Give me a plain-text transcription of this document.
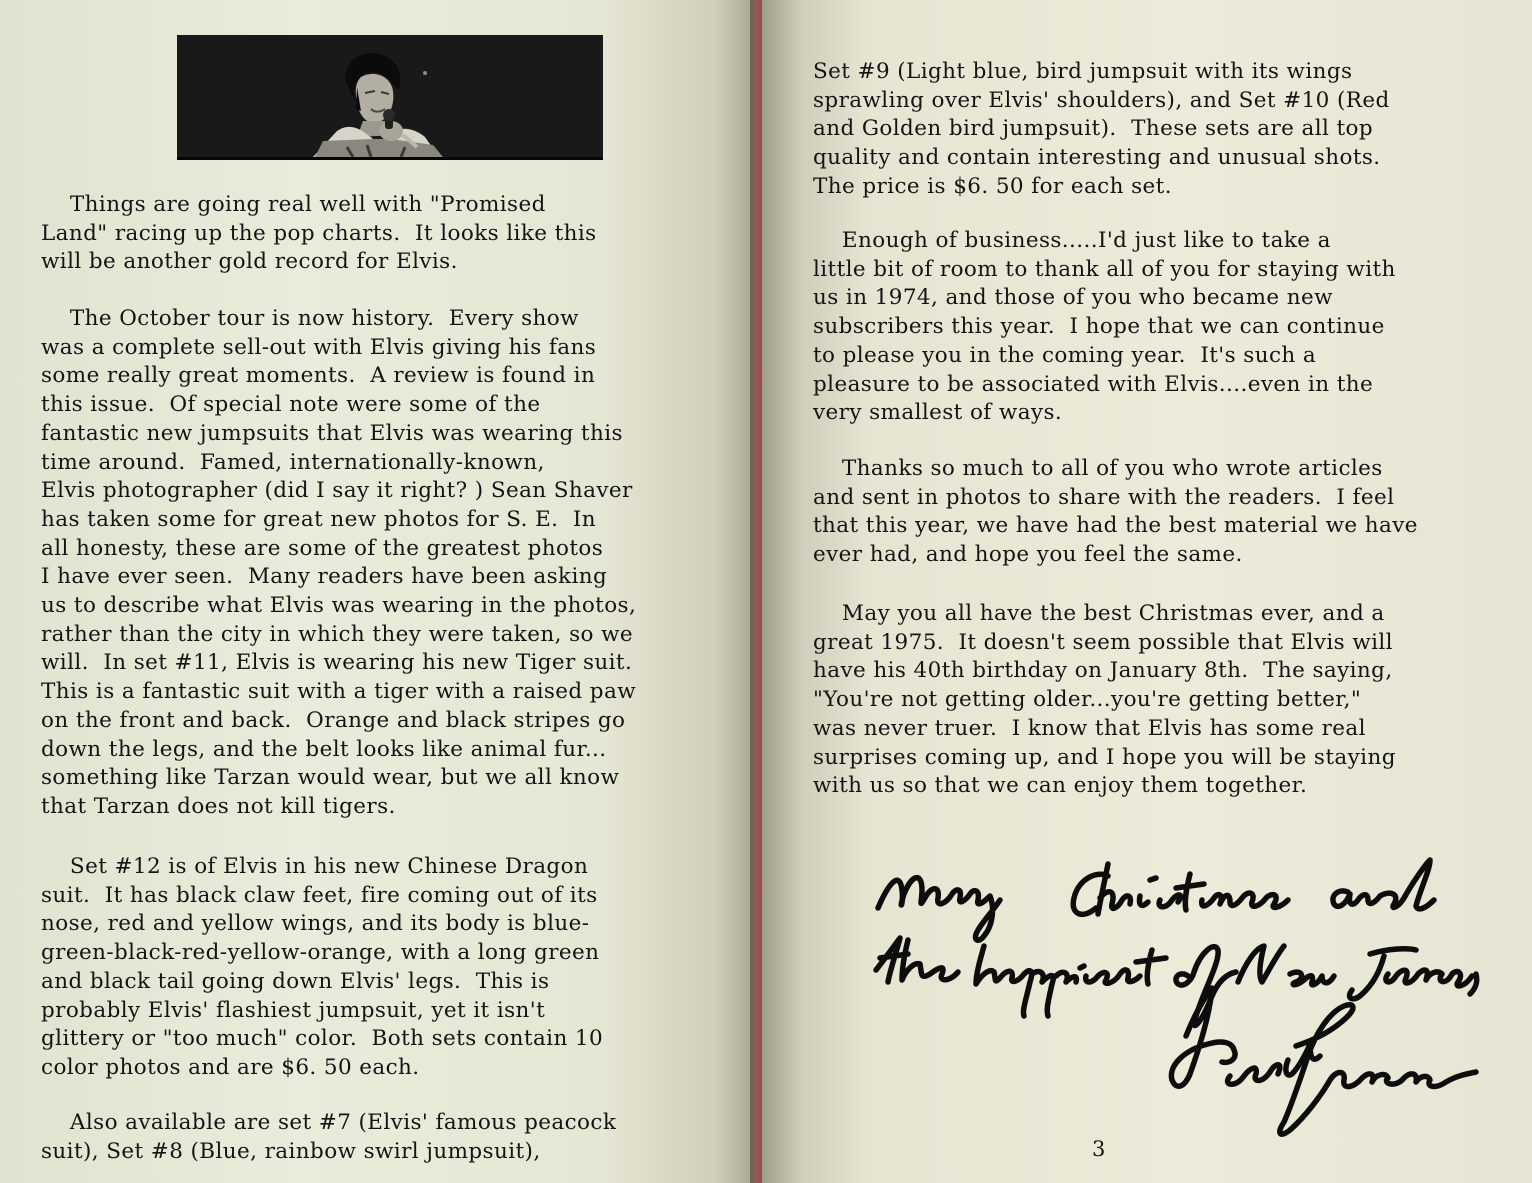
Things are going real well with "Promised
Land" racing up the pop charts.  It looks like this
will be another gold record for Elvis.

The October tour is now history.  Every show
was a complete sell-out with Elvis giving his fans
some really great moments.  A review is found in
this issue.  Of special note were some of the
fantastic new jumpsuits that Elvis was wearing this
time around.  Famed, internationally-known,
Elvis photographer (did I say it right? ) Sean Shaver
has taken some for great new photos for S. E.  In
all honesty, these are some of the greatest photos
I have ever seen.  Many readers have been asking
us to describe what Elvis was wearing in the photos,
rather than the city in which they were taken, so we
will.  In set #11, Elvis is wearing his new Tiger suit.
This is a fantastic suit with a tiger with a raised paw
on the front and back.  Orange and black stripes go
down the legs, and the belt looks like animal fur...
something like Tarzan would wear, but we all know
that Tarzan does not kill tigers.

Set #12 is of Elvis in his new Chinese Dragon
suit.  It has black claw feet, fire coming out of its
nose, red and yellow wings, and its body is blue-
green-black-red-yellow-orange, with a long green
and black tail going down Elvis' legs.  This is
probably Elvis' flashiest jumpsuit, yet it isn't
glittery or "too much" color.  Both sets contain 10
color photos and are $6. 50 each.

Also available are set #7 (Elvis' famous peacock
suit), Set #8 (Blue, rainbow swirl jumpsuit),

Set #9 (Light blue, bird jumpsuit with its wings
sprawling over Elvis' shoulders), and Set #10 (Red
and Golden bird jumpsuit).  These sets are all top
quality and contain interesting and unusual shots.
The price is $6. 50 for each set.

Enough of business.....I'd just like to take a
little bit of room to thank all of you for staying with
us in 1974, and those of you who became new
subscribers this year.  I hope that we can continue
to please you in the coming year.  It's such a
pleasure to be associated with Elvis....even in the
very smallest of ways.

Thanks so much to all of you who wrote articles
and sent in photos to share with the readers.  I feel
that this year, we have had the best material we have
ever had, and hope you feel the same.

May you all have the best Christmas ever, and a
great 1975.  It doesn't seem possible that Elvis will
have his 40th birthday on January 8th.  The saying,
"You're not getting older...you're getting better,"
was never truer.  I know that Elvis has some real
surprises coming up, and I hope you will be staying
with us so that we can enjoy them together.

3
